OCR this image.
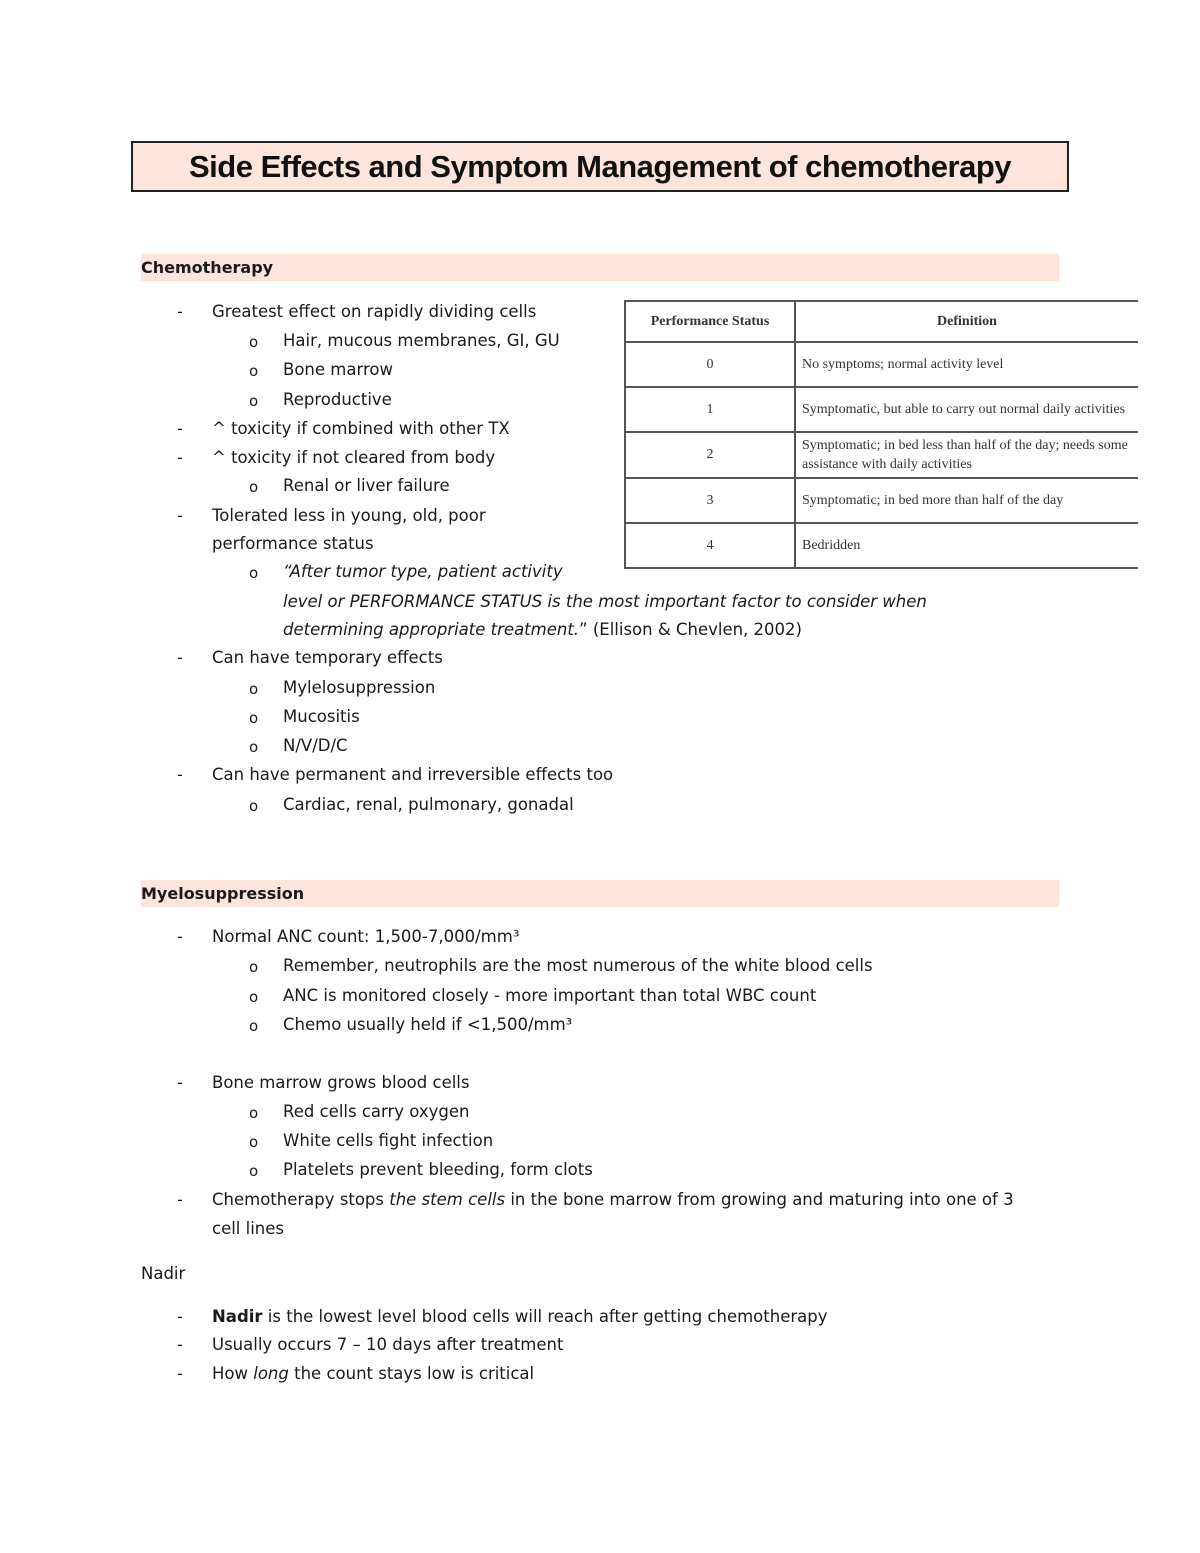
Side Effects and Symptom Management of chemotherapy
Chemotherapy
- Greatest effect on rapidly dividing cells
o Hair, mucous membranes, GI, GU
o Bone marrow
o Reproductive
- ^ toxicity if combined with other TX
- ^ toxicity if not cleared from body
o Renal or liver failure
- Tolerated less in young, old, poor
performance status
o “After tumor type, patient activity
level or PERFORMANCE STATUS is the most important factor to consider when
determining appropriate treatment.” (Ellison & Chevlen, 2002)
- Can have temporary effects
o Mylelosuppression
o Mucositis
o N/V/D/C
- Can have permanent and irreversible effects too
o Cardiac, renal, pulmonary, gonadal
Performance Status	Definition
0	No symptoms; normal activity level
1	Symptomatic, but able to carry out normal daily activities
2	Symptomatic; in bed less than half of the day; needs some assistance with daily activities
3	Symptomatic; in bed more than half of the day
4	Bedridden
Myelosuppression
- Normal ANC count: 1,500-7,000/mm³
o Remember, neutrophils are the most numerous of the white blood cells
o ANC is monitored closely - more important than total WBC count
o Chemo usually held if <1,500/mm³
- Bone marrow grows blood cells
o Red cells carry oxygen
o White cells fight infection
o Platelets prevent bleeding, form clots
- Chemotherapy stops the stem cells in the bone marrow from growing and maturing into one of 3
cell lines
Nadir
- Nadir is the lowest level blood cells will reach after getting chemotherapy
- Usually occurs 7 – 10 days after treatment
- How long the count stays low is critical
